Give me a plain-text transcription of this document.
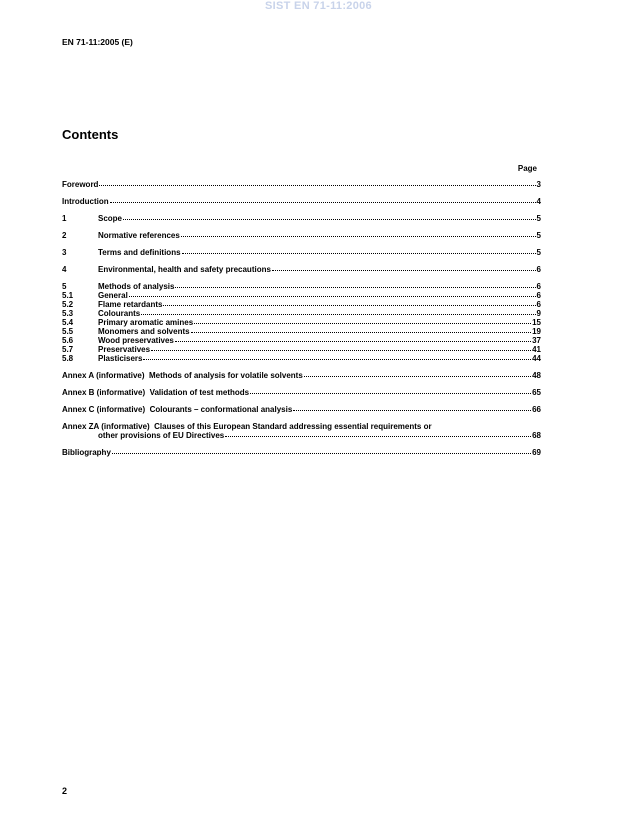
SIST EN 71-11:2006
EN 71-11:2005 (E)
Contents
Page
Foreword	3
Introduction	4
1	Scope	5
2	Normative references	5
3	Terms and definitions	5
4	Environmental, health and safety precautions	6
5	Methods of analysis	6
5.1	General	6
5.2	Flame retardants	6
5.3	Colourants	9
5.4	Primary aromatic amines	15
5.5	Monomers and solvents	19
5.6	Wood preservatives	37
5.7	Preservatives	41
5.8	Plasticisers	44
Annex A (informative)  Methods of analysis for volatile solvents	48
Annex B (informative)  Validation of test methods	65
Annex C (informative)  Colourants – conformational analysis	66
Annex ZA (informative)  Clauses of this European Standard addressing essential requirements or
other provisions of EU Directives	68
Bibliography	69
2
